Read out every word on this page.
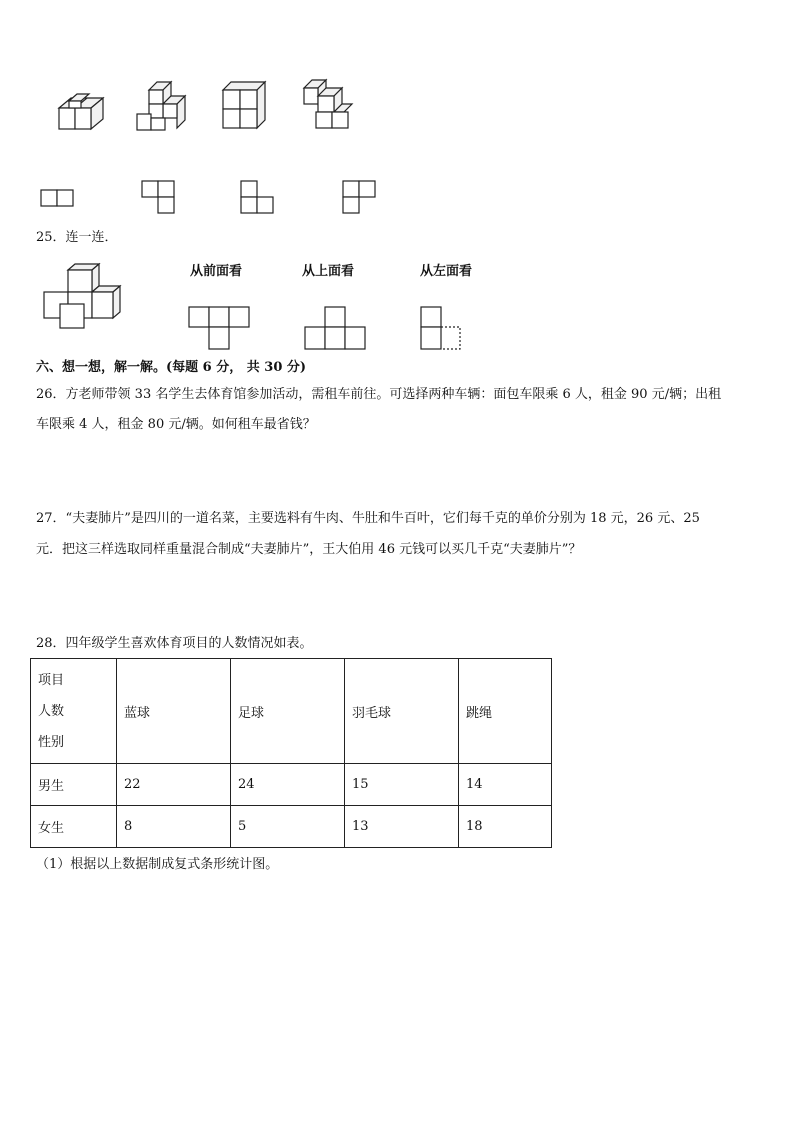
25．连一连．
从前面看	从上面看	从左面看
六、想一想，解一解。(每题 6 分， 共 30 分)
26．方老师带领 33 名学生去体育馆参加活动，需租车前往。可选择两种车辆：面包车限乘 6 人，租金 90 元/辆；出租
车限乘 4 人，租金 80 元/辆。如何租车最省钱？
27．“夫妻肺片”是四川的一道名菜，主要选料有牛肉、牛肚和牛百叶，它们每千克的单价分别为 18 元，26 元、25
元．把这三样选取同样重量混合制成“夫妻肺片”，王大伯用 46 元钱可以买几千克“夫妻肺片”？
28．四年级学生喜欢体育项目的人数情况如表。
项目
人数
性别	蓝球	足球	羽毛球	跳绳
男生	22	24	15	14
女生	8	5	13	18
（1）根据以上数据制成复式条形统计图。
